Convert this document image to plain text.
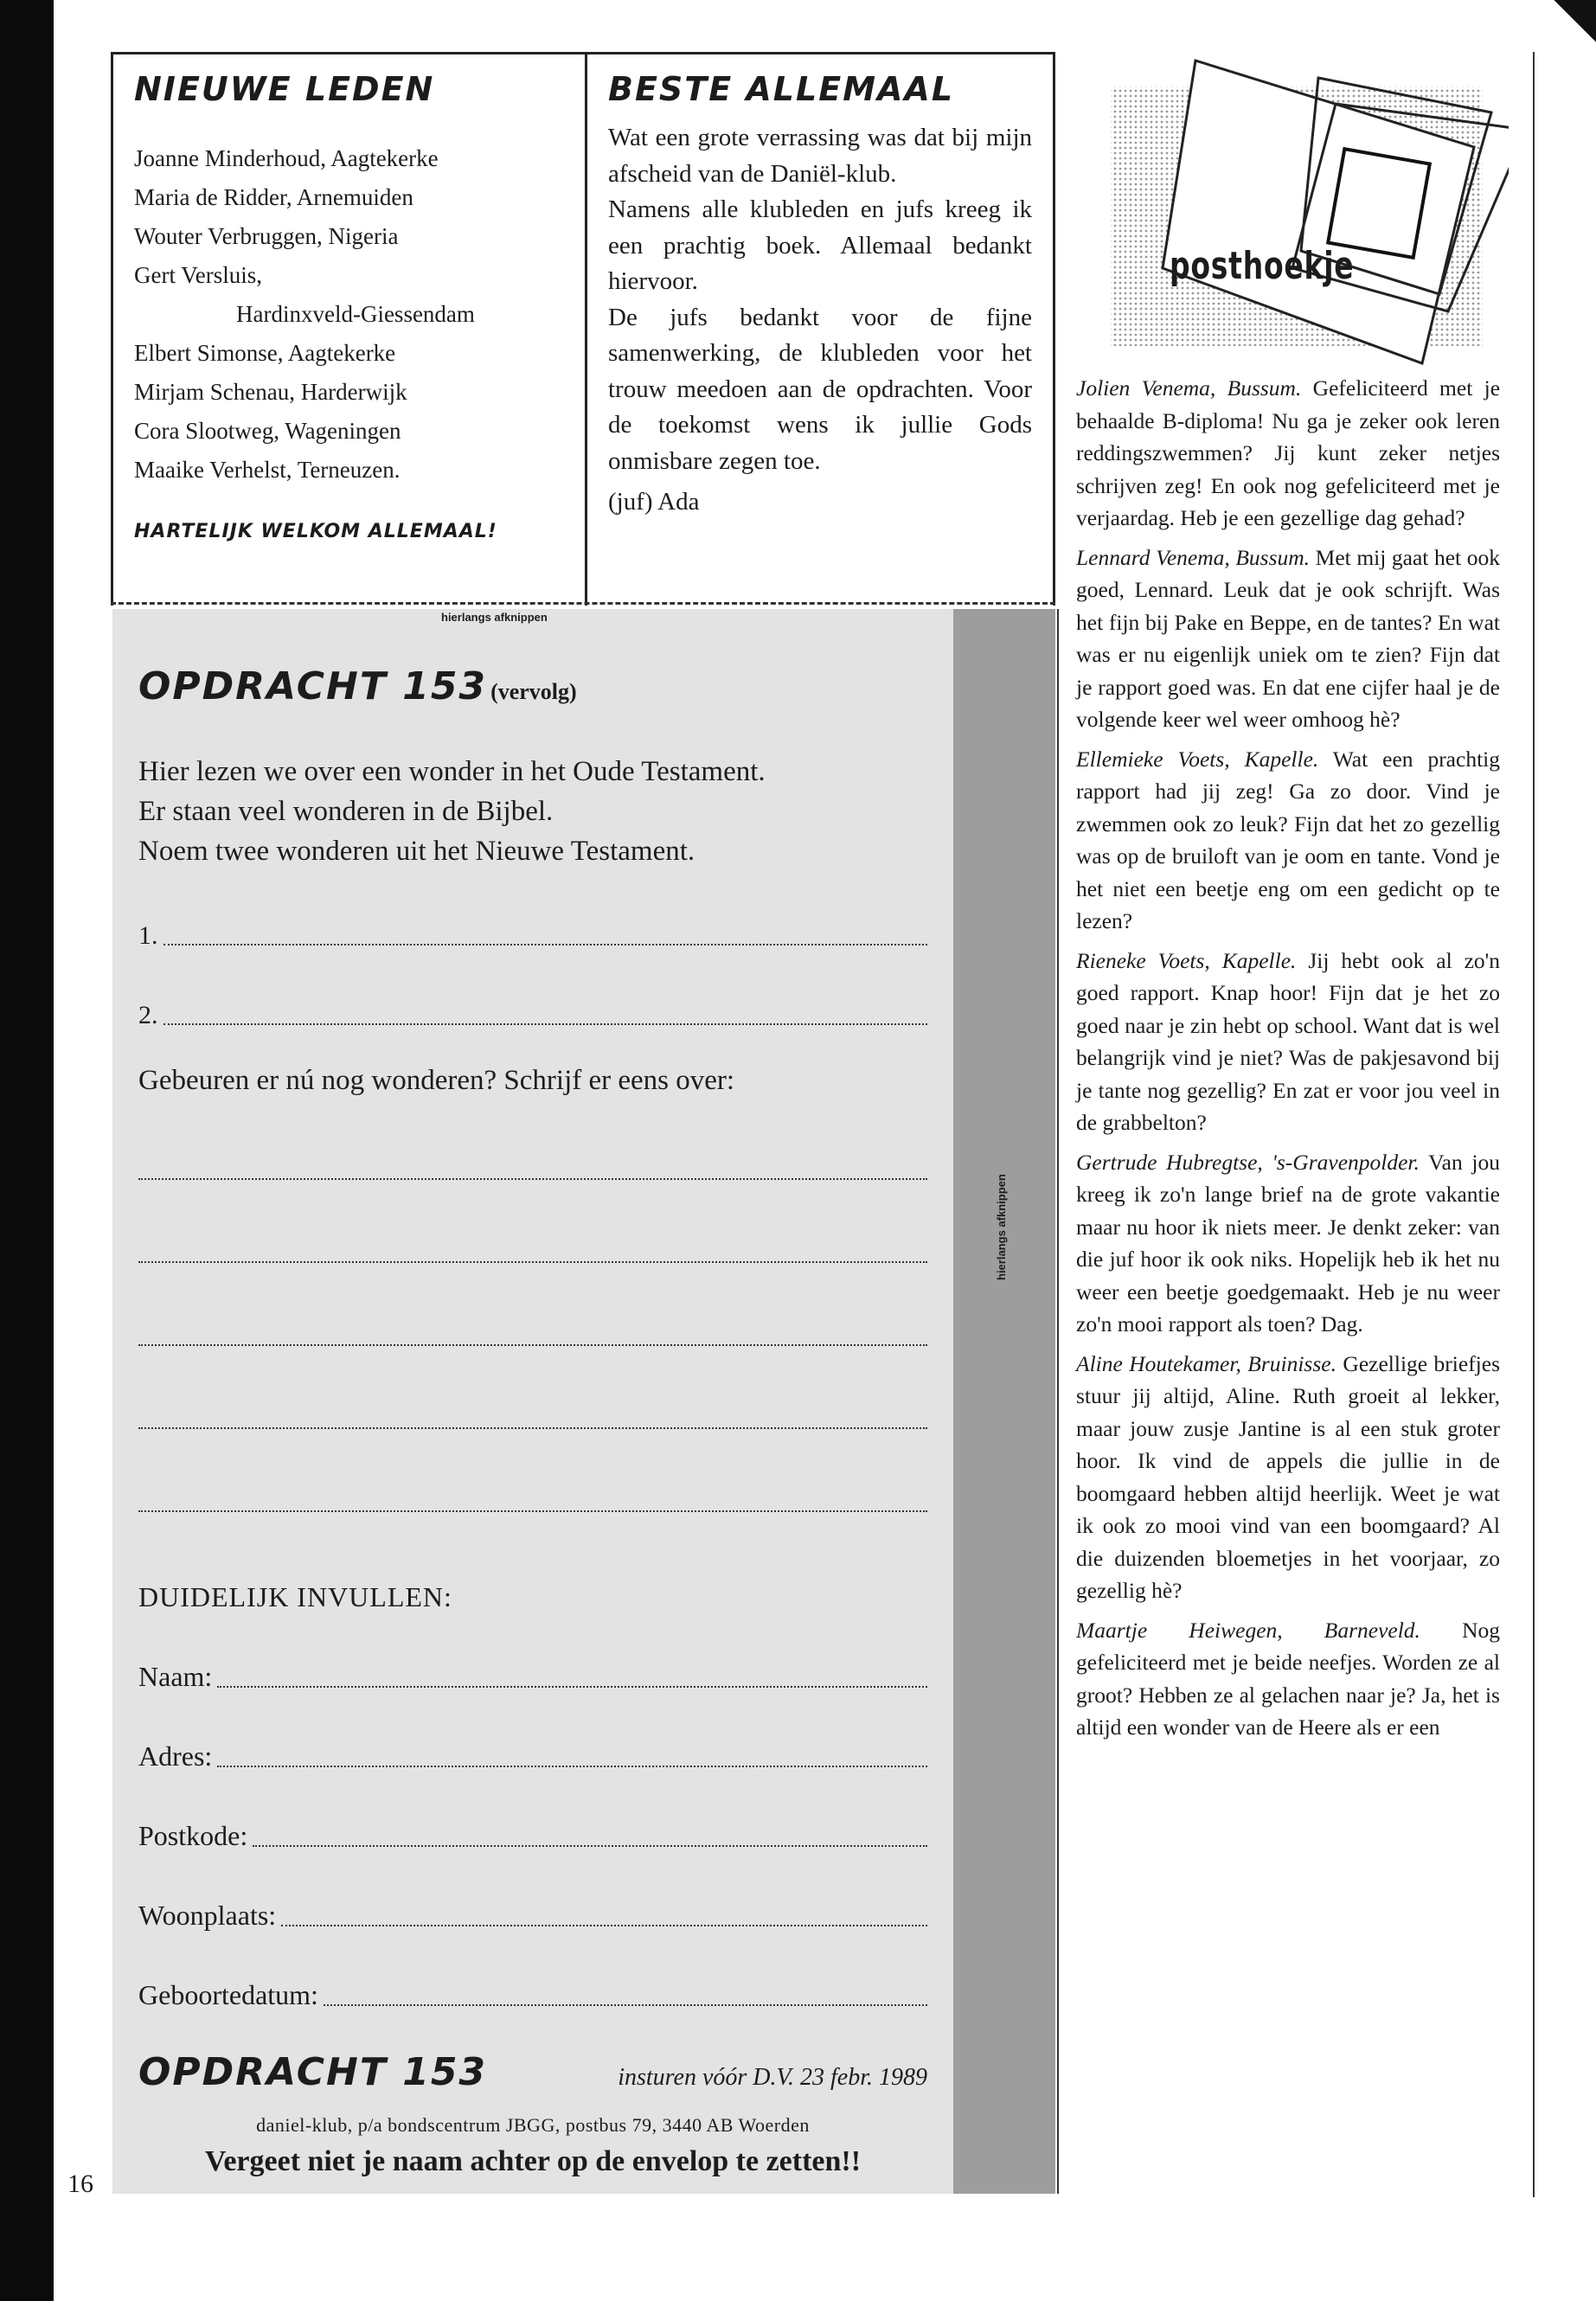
NIEUWE LEDEN
Joanne Minderhoud, Aagtekerke
Maria de Ridder, Arnemuiden
Wouter Verbruggen, Nigeria
Gert Versluis,
Hardinxveld-Giessendam
Elbert Simonse, Aagtekerke
Mirjam Schenau, Harderwijk
Cora Slootweg, Wageningen
Maaike Verhelst, Terneuzen.
HARTELIJK WELKOM ALLEMAAL!
BESTE ALLEMAAL

Wat een grote verrassing was dat bij mijn afscheid van de Daniël-klub.

Namens alle klubleden en jufs kreeg ik een prachtig boek. Allemaal bedankt hiervoor.

De jufs bedankt voor de fijne samenwerking, de klubleden voor het trouw meedoen aan de opdrachten. Voor de toekomst wens ik jullie Gods onmisbare zegen toe.

(juf) Ada

OPDRACHT 153 (vervolg)
Hier lezen we over een wonder in het Oude Testament.
Er staan veel wonderen in de Bijbel.
Noem twee wonderen uit het Nieuwe Testament.
1.
2.
Gebeuren er nú nog wonderen? Schrijf er eens over:
DUIDELIJK INVULLEN:
Naam:
Adres:
Postkode:
Woonplaats:
Geboortedatum:
OPDRACHT 153	insturen vóór D.V. 23 febr. 1989
daniel-klub, p/a bondscentrum JBGG, postbus 79, 3440 AB Woerden
Vergeet niet je naam achter op de envelop te zetten!!
hierlangs afknippen
hierlangs afknippen
posthoekje

Jolien Venema, Bussum. Gefeliciteerd met je behaalde B-diploma! Nu ga je zeker ook leren reddingszwemmen? Jij kunt zeker netjes schrijven zeg! En ook nog gefeliciteerd met je verjaardag. Heb je een gezellige dag gehad?

Lennard Venema, Bussum. Met mij gaat het ook goed, Lennard. Leuk dat je ook schrijft. Was het fijn bij Pake en Beppe, en de tantes? En wat was er nu eigenlijk uniek om te zien? Fijn dat je rapport goed was. En dat ene cijfer haal je de volgende keer wel weer omhoog hè?

Ellemieke Voets, Kapelle. Wat een prachtig rapport had jij zeg! Ga zo door. Vind je zwemmen ook zo leuk? Fijn dat het zo gezellig was op de bruiloft van je oom en tante. Vond je het niet een beetje eng om een gedicht op te lezen?

Rieneke Voets, Kapelle. Jij hebt ook al zo'n goed rapport. Knap hoor! Fijn dat je het zo goed naar je zin hebt op school. Want dat is wel belangrijk vind je niet? Was de pakjesavond bij je tante nog gezellig? En zat er voor jou veel in de grabbelton?

Gertrude Hubregtse, 's-Gravenpolder. Van jou kreeg ik zo'n lange brief na de grote vakantie maar nu hoor ik niets meer. Je denkt zeker: van die juf hoor ik ook niks. Hopelijk heb ik het nu weer een beetje goedgemaakt. Heb je nu weer zo'n mooi rapport als toen? Dag.

Aline Houtekamer, Bruinisse. Gezellige briefjes stuur jij altijd, Aline. Ruth groeit al lekker, maar jouw zusje Jantine is al een stuk groter hoor. Ik vind de appels die jullie in de boomgaard hebben altijd heerlijk. Weet je wat ik ook zo mooi vind van een boomgaard? Al die duizenden bloemetjes in het voorjaar, zo gezellig hè?

Maartje Heiwegen, Barneveld. Nog gefeliciteerd met je beide neefjes. Worden ze al groot? Hebben ze al gelachen naar je? Ja, het is altijd een wonder van de Heere als er een

16
